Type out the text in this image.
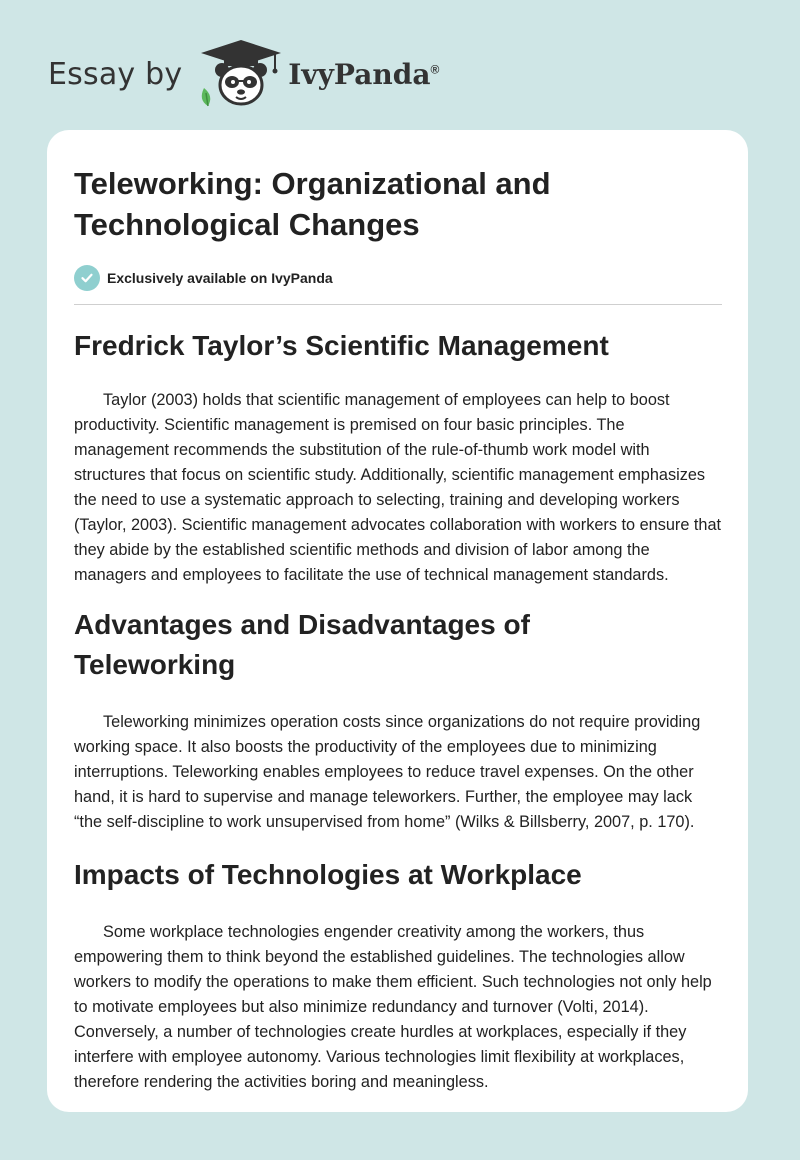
Essay by	IvyPanda®
Teleworking: Organizational and Technological Changes
Exclusively available on IvyPanda
Fredrick Taylor’s Scientific Management

Taylor (2003) holds that scientific management of employees can help to boost productivity. Scientific management is premised on four basic principles. The management recommends the substitution of the rule-of-thumb work model with structures that focus on scientific study. Additionally, scientific management emphasizes the need to use a systematic approach to selecting, training and developing workers (Taylor, 2003). Scientific management advocates collaboration with workers to ensure that they abide by the established scientific methods and division of labor among the managers and employees to facilitate the use of technical management standards.

Advantages and Disadvantages of Teleworking

Teleworking minimizes operation costs since organizations do not require providing working space. It also boosts the productivity of the employees due to minimizing interruptions. Teleworking enables employees to reduce travel expenses. On the other hand, it is hard to supervise and manage teleworkers. Further, the employee may lack “the self-discipline to work unsupervised from home” (Wilks & Billsberry, 2007, p. 170).

Impacts of Technologies at Workplace

Some workplace technologies engender creativity among the workers, thus empowering them to think beyond the established guidelines. The technologies allow workers to modify the operations to make them efficient. Such technologies not only help to motivate employees but also minimize redundancy and turnover (Volti, 2014). Conversely, a number of technologies create hurdles at workplaces, especially if they interfere with employee autonomy. Various technologies limit flexibility at workplaces, therefore rendering the activities boring and meaningless.
